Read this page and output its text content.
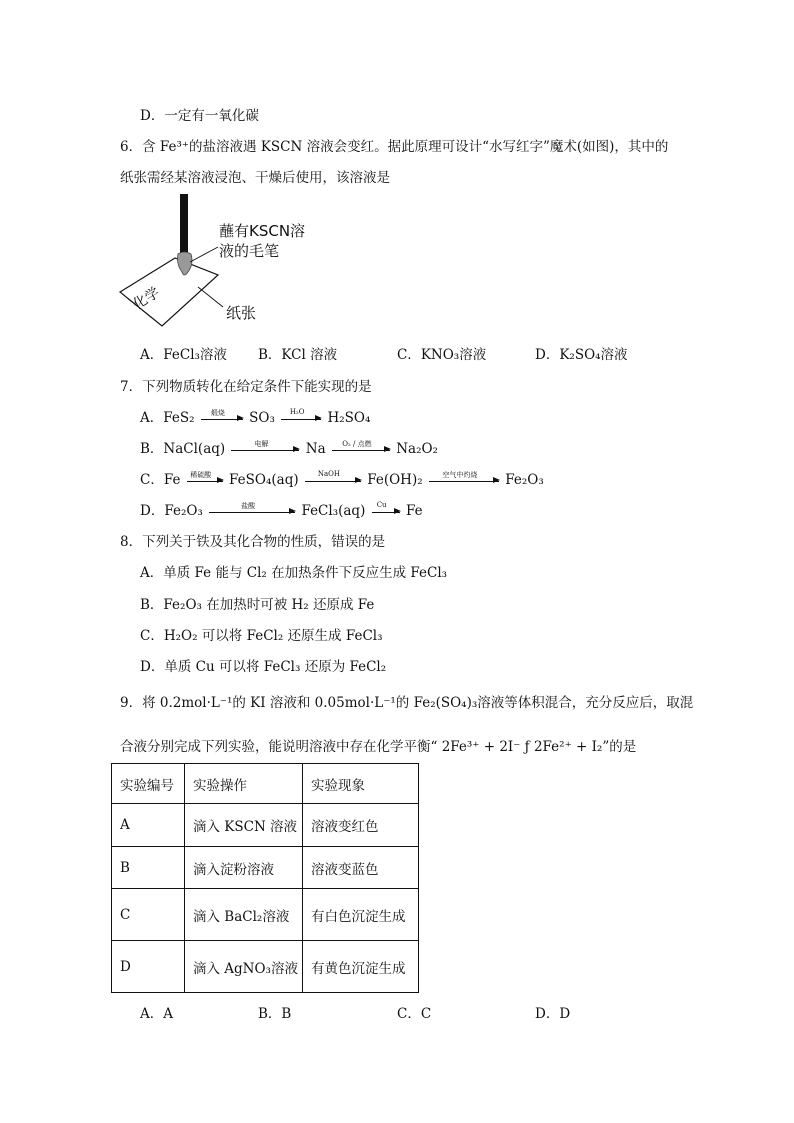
D．一定有一氧化碳
6．含 Fe³⁺的盐溶液遇 KSCN 溶液会变红。据此原理可设计“水写红字”魔术(如图)，其中的
纸张需经某溶液浸泡、干燥后使用，该溶液是
化学
蘸有KSCN溶
液的毛笔
纸张
A．FeCl₃溶液 B．KCl 溶液	C．KNO₃溶液	D．K₂SO₄溶液
7．下列物质转化在给定条件下能实现的是
A．FeS₂	煅烧	SO₃	H₂O	H₂SO₄
B．NaCl(aq)	电解	Na	O₂ / 点燃	Na₂O₂
C．Fe	稀硫酸 FeSO₄(aq)	NaOH	Fe(OH)₂	空气中灼烧	Fe₂O₃
D．Fe₂O₃	盐酸	FeCl₃(aq)	Cu	Fe
8．下列关于铁及其化合物的性质，错误的是
A．单质 Fe 能与 Cl₂ 在加热条件下反应生成 FeCl₃
B．Fe₂O₃ 在加热时可被 H₂ 还原成 Fe
C．H₂O₂ 可以将 FeCl₂ 还原生成 FeCl₃
D．单质 Cu 可以将 FeCl₃ 还原为 FeCl₂
9．将 0.2mol·L⁻¹的 KI 溶液和 0.05mol·L⁻¹的 Fe₂(SO₄)₃溶液等体积混合，充分反应后，取混
合液分别完成下列实验，能说明溶液中存在化学平衡“ 2Fe³⁺ + 2I⁻ ƒ 2Fe²⁺ + I₂”的是
实验编号	实验操作	实验现象
A	滴入 KSCN 溶液	溶液变红色
B	滴入淀粉溶液	溶液变蓝色
C	滴入 BaCl₂溶液	有白色沉淀生成
D	滴入 AgNO₃溶液	有黄色沉淀生成
A．A	B．B	C．C	D．D
